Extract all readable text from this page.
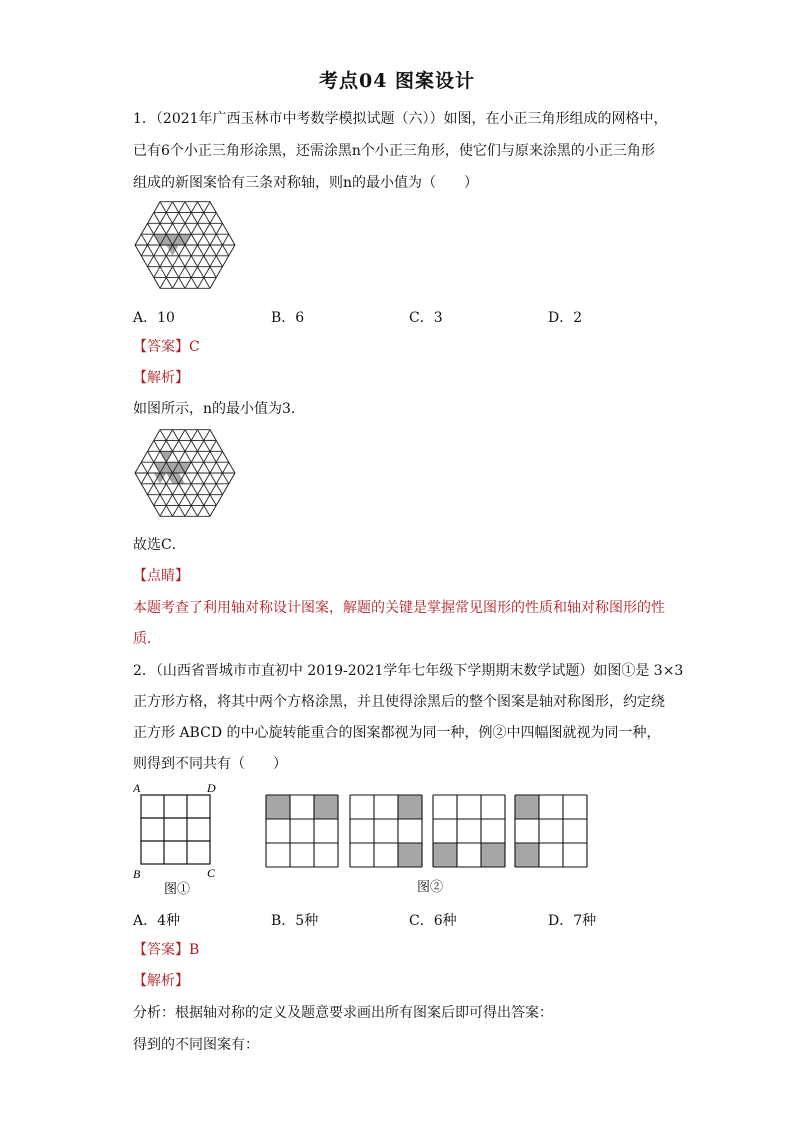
考点04 图案设计
1．（2021年广西玉林市中考数学模拟试题（六））如图，在小正三角形组成的网格中，
已有6个小正三角形涂黑，还需涂黑n个小正三角形，使它们与原来涂黑的小正三角形
组成的新图案恰有三条对称轴，则n的最小值为（　　）
A．10	B．6	C．3	D．2
【答案】C
【解析】
如图所示，n的最小值为3．
故选C．
【点睛】
本题考查了利用轴对称设计图案，解题的关键是掌握常见图形的性质和轴对称图形的性
质．
2．（山西省晋城市市直初中 2019-2021学年七年级下学期期末数学试题）如图①是 3×3
正方形方格，将其中两个方格涂黑，并且使得涂黑后的整个图案是轴对称图形，约定绕
正方形 ABCD 的中心旋转能重合的图案都视为同一种，例②中四幅图就视为同一种，
则得到不同共有（　　）
A	D
B	C
图①	图②
A．4种	B．5种	C．6种	D．7种
【答案】B
【解析】
分析：根据轴对称的定义及题意要求画出所有图案后即可得出答案：
得到的不同图案有：
